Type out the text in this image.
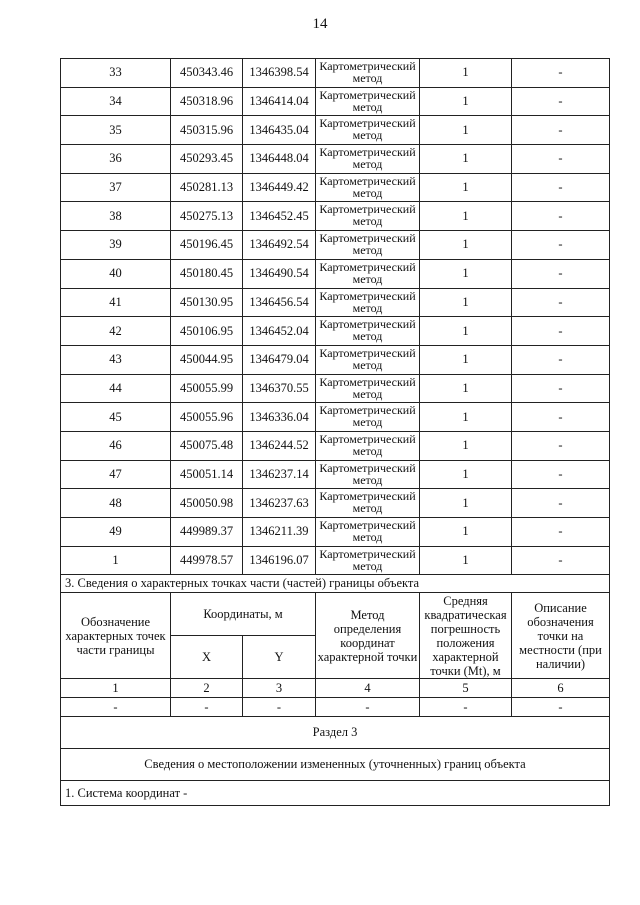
14
33	450343.46	1346398.54	Картометрический метод	1	-
34	450318.96	1346414.04	Картометрический метод	1	-
35	450315.96	1346435.04	Картометрический метод	1	-
36	450293.45	1346448.04	Картометрический метод	1	-
37	450281.13	1346449.42	Картометрический метод	1	-
38	450275.13	1346452.45	Картометрический метод	1	-
39	450196.45	1346492.54	Картометрический метод	1	-
40	450180.45	1346490.54	Картометрический метод	1	-
41	450130.95	1346456.54	Картометрический метод	1	-
42	450106.95	1346452.04	Картометрический метод	1	-
43	450044.95	1346479.04	Картометрический метод	1	-
44	450055.99	1346370.55	Картометрический метод	1	-
45	450055.96	1346336.04	Картометрический метод	1	-
46	450075.48	1346244.52	Картометрический метод	1	-
47	450051.14	1346237.14	Картометрический метод	1	-
48	450050.98	1346237.63	Картометрический метод	1	-
49	449989.37	1346211.39	Картометрический метод	1	-
1	449978.57	1346196.07	Картометрический метод	1	-
3. Сведения о характерных точках части (частей) границы объекта					
Обозначение характерных точек части границы	Координаты, м		Метод определения координат характерной точки	Средняя квадратическая погрешность положения характерной точки (Mt), м	Описание обозначения точки на местности (при наличии)
	X	Y			
1	2	3	4	5	6
-	-	-	-	-	-
Раздел 3					
Сведения о местоположении измененных (уточненных) границ объекта					
1. Система координат -					
